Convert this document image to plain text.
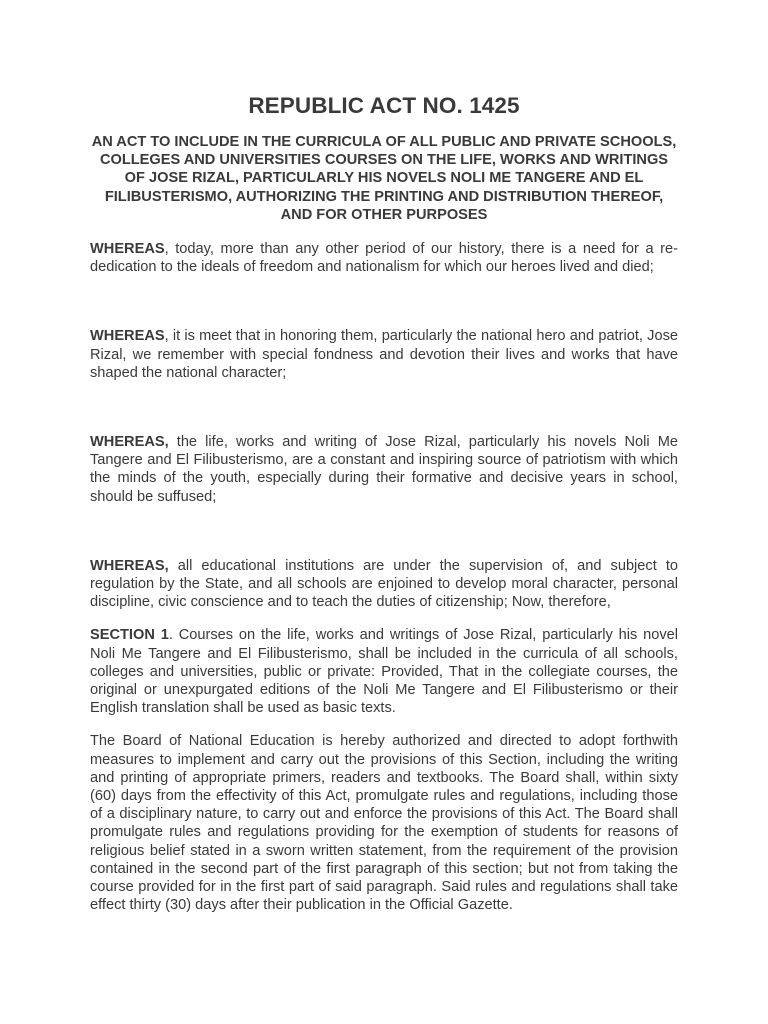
REPUBLIC ACT NO. 1425

AN ACT TO INCLUDE IN THE CURRICULA OF ALL PUBLIC AND PRIVATE SCHOOLS, COLLEGES AND UNIVERSITIES COURSES ON THE LIFE, WORKS AND WRITINGS OF JOSE RIZAL, PARTICULARLY HIS NOVELS NOLI ME TANGERE AND EL FILIBUSTERISMO, AUTHORIZING THE PRINTING AND DISTRIBUTION THEREOF, AND FOR OTHER PURPOSES

WHEREAS, today, more than any other period of our history, there is a need for a re-dedication to the ideals of freedom and nationalism for which our heroes lived and died;

WHEREAS, it is meet that in honoring them, particularly the national hero and patriot, Jose Rizal, we remember with special fondness and devotion their lives and works that have shaped the national character;

WHEREAS, the life, works and writing of Jose Rizal, particularly his novels Noli Me Tangere and El Filibusterismo, are a constant and inspiring source of patriotism with which the minds of the youth, especially during their formative and decisive years in school, should be suffused;

WHEREAS, all educational institutions are under the supervision of, and subject to regulation by the State, and all schools are enjoined to develop moral character, personal discipline, civic conscience and to teach the duties of citizenship; Now, therefore,

SECTION 1. Courses on the life, works and writings of Jose Rizal, particularly his novel Noli Me Tangere and El Filibusterismo, shall be included in the curricula of all schools, colleges and universities, public or private: Provided, That in the collegiate courses, the original or unexpurgated editions of the Noli Me Tangere and El Filibusterismo or their English translation shall be used as basic texts.

The Board of National Education is hereby authorized and directed to adopt forthwith measures to implement and carry out the provisions of this Section, including the writing and printing of appropriate primers, readers and textbooks. The Board shall, within sixty (60) days from the effectivity of this Act, promulgate rules and regulations, including those of a disciplinary nature, to carry out and enforce the provisions of this Act. The Board shall promulgate rules and regulations providing for the exemption of students for reasons of religious belief stated in a sworn written statement, from the requirement of the provision contained in the second part of the first paragraph of this section; but not from taking the course provided for in the first part of said paragraph. Said rules and regulations shall take effect thirty (30) days after their publication in the Official Gazette.
